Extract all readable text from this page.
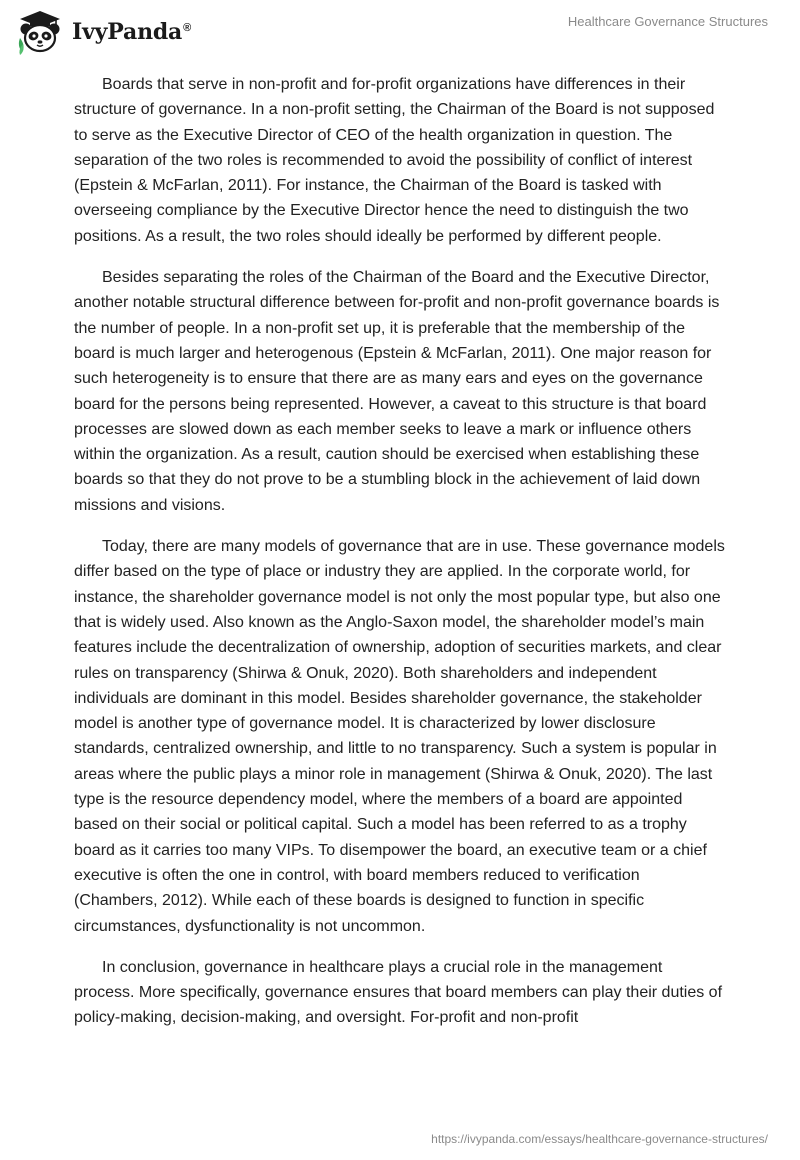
IvyPanda®	Healthcare Governance Structures

Boards that serve in non-profit and for-profit organizations have differences in their structure of governance. In a non-profit setting, the Chairman of the Board is not supposed to serve as the Executive Director of CEO of the health organization in question. The separation of the two roles is recommended to avoid the possibility of conflict of interest (Epstein & McFarlan, 2011). For instance, the Chairman of the Board is tasked with overseeing compliance by the Executive Director hence the need to distinguish the two positions. As a result, the two roles should ideally be performed by different people.

Besides separating the roles of the Chairman of the Board and the Executive Director, another notable structural difference between for-profit and non-profit governance boards is the number of people. In a non-profit set up, it is preferable that the membership of the board is much larger and heterogenous (Epstein & McFarlan, 2011). One major reason for such heterogeneity is to ensure that there are as many ears and eyes on the governance board for the persons being represented. However, a caveat to this structure is that board processes are slowed down as each member seeks to leave a mark or influence others within the organization. As a result, caution should be exercised when establishing these boards so that they do not prove to be a stumbling block in the achievement of laid down missions and visions.

Today, there are many models of governance that are in use. These governance models differ based on the type of place or industry they are applied. In the corporate world, for instance, the shareholder governance model is not only the most popular type, but also one that is widely used. Also known as the Anglo-Saxon model, the shareholder model’s main features include the decentralization of ownership, adoption of securities markets, and clear rules on transparency (Shirwa & Onuk, 2020). Both shareholders and independent individuals are dominant in this model. Besides shareholder governance, the stakeholder model is another type of governance model. It is characterized by lower disclosure standards, centralized ownership, and little to no transparency. Such a system is popular in areas where the public plays a minor role in management (Shirwa & Onuk, 2020). The last type is the resource dependency model, where the members of a board are appointed based on their social or political capital. Such a model has been referred to as a trophy board as it carries too many VIPs. To disempower the board, an executive team or a chief executive is often the one in control, with board members reduced to verification (Chambers, 2012). While each of these boards is designed to function in specific circumstances, dysfunctionality is not uncommon.

In conclusion, governance in healthcare plays a crucial role in the management process. More specifically, governance ensures that board members can play their duties of policy-making, decision-making, and oversight. For-profit and non-profit

https://ivypanda.com/essays/healthcare-governance-structures/
